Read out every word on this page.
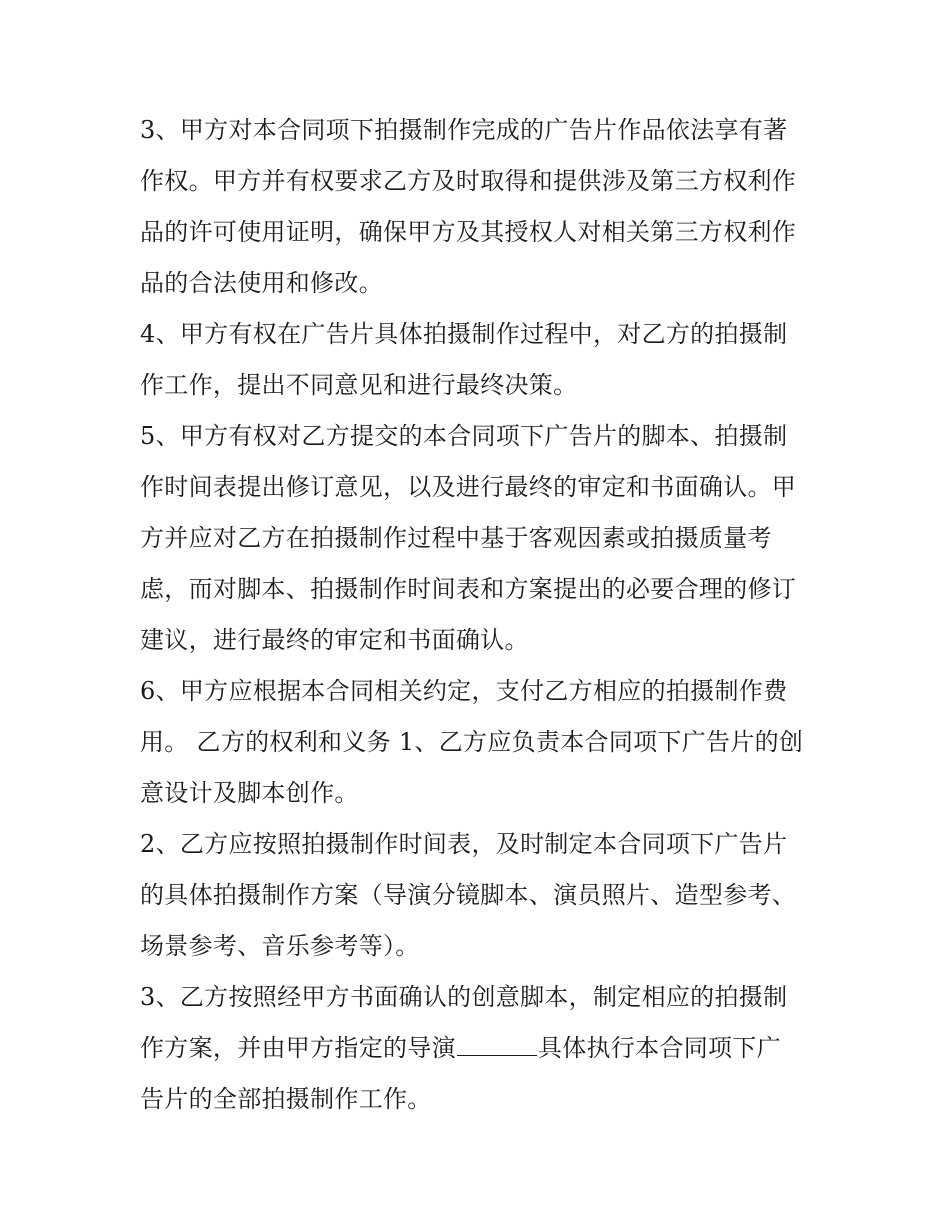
3、甲方对本合同项下拍摄制作完成的广告片作品依法享有著
作权。甲方并有权要求乙方及时取得和提供涉及第三方权利作
品的许可使用证明，确保甲方及其授权人对相关第三方权利作
品的合法使用和修改。
4、甲方有权在广告片具体拍摄制作过程中，对乙方的拍摄制
作工作，提出不同意见和进行最终决策。
5、甲方有权对乙方提交的本合同项下广告片的脚本、拍摄制
作时间表提出修订意见，以及进行最终的审定和书面确认。甲
方并应对乙方在拍摄制作过程中基于客观因素或拍摄质量考
虑，而对脚本、拍摄制作时间表和方案提出的必要合理的修订
建议，进行最终的审定和书面确认。
6、甲方应根据本合同相关约定，支付乙方相应的拍摄制作费
用。 乙方的权利和义务 1、乙方应负责本合同项下广告片的创
意设计及脚本创作。
2、乙方应按照拍摄制作时间表，及时制定本合同项下广告片
的具体拍摄制作方案（导演分镜脚本、演员照片、造型参考、
场景参考、音乐参考等）。
3、乙方按照经甲方书面确认的创意脚本，制定相应的拍摄制
作方案，并由甲方指定的导演	具体执行本合同项下广
告片的全部拍摄制作工作。
